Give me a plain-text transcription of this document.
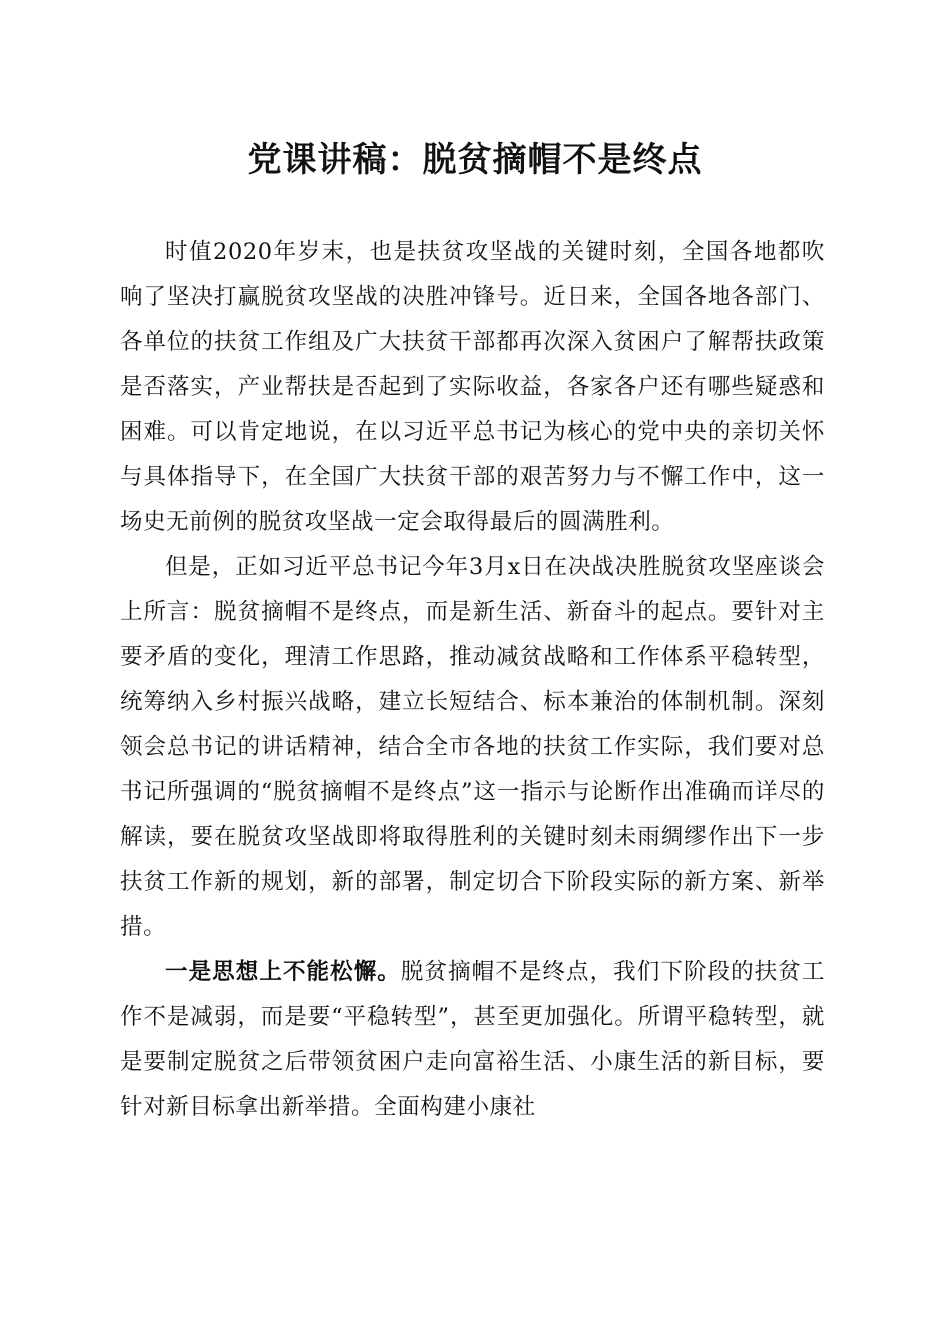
党课讲稿：脱贫摘帽不是终点

时值2020年岁末，也是扶贫攻坚战的关键时刻，全国各地都吹响了坚决打赢脱贫攻坚战的决胜冲锋号。近日来，全国各地各部门、各单位的扶贫工作组及广大扶贫干部都再次深入贫困户了解帮扶政策是否落实，产业帮扶是否起到了实际收益，各家各户还有哪些疑惑和困难。可以肯定地说，在以习近平总书记为核心的党中央的亲切关怀与具体指导下，在全国广大扶贫干部的艰苦努力与不懈工作中，这一场史无前例的脱贫攻坚战一定会取得最后的圆满胜利。

但是，正如习近平总书记今年3月x日在决战决胜脱贫攻坚座谈会上所言：脱贫摘帽不是终点，而是新生活、新奋斗的起点。要针对主要矛盾的变化，理清工作思路，推动减贫战略和工作体系平稳转型，统筹纳入乡村振兴战略，建立长短结合、标本兼治的体制机制。深刻领会总书记的讲话精神，结合全市各地的扶贫工作实际，我们要对总书记所强调的“脱贫摘帽不是终点”这一指示与论断作出准确而详尽的解读，要在脱贫攻坚战即将取得胜利的关键时刻未雨绸缪作出下一步扶贫工作新的规划，新的部署，制定切合下阶段实际的新方案、新举措。

一是思想上不能松懈。脱贫摘帽不是终点，我们下阶段的扶贫工作不是减弱，而是要“平稳转型”，甚至更加强化。所谓平稳转型，就是要制定脱贫之后带领贫困户走向富裕生活、小康生活的新目标，要针对新目标拿出新举措。全面构建小康社
